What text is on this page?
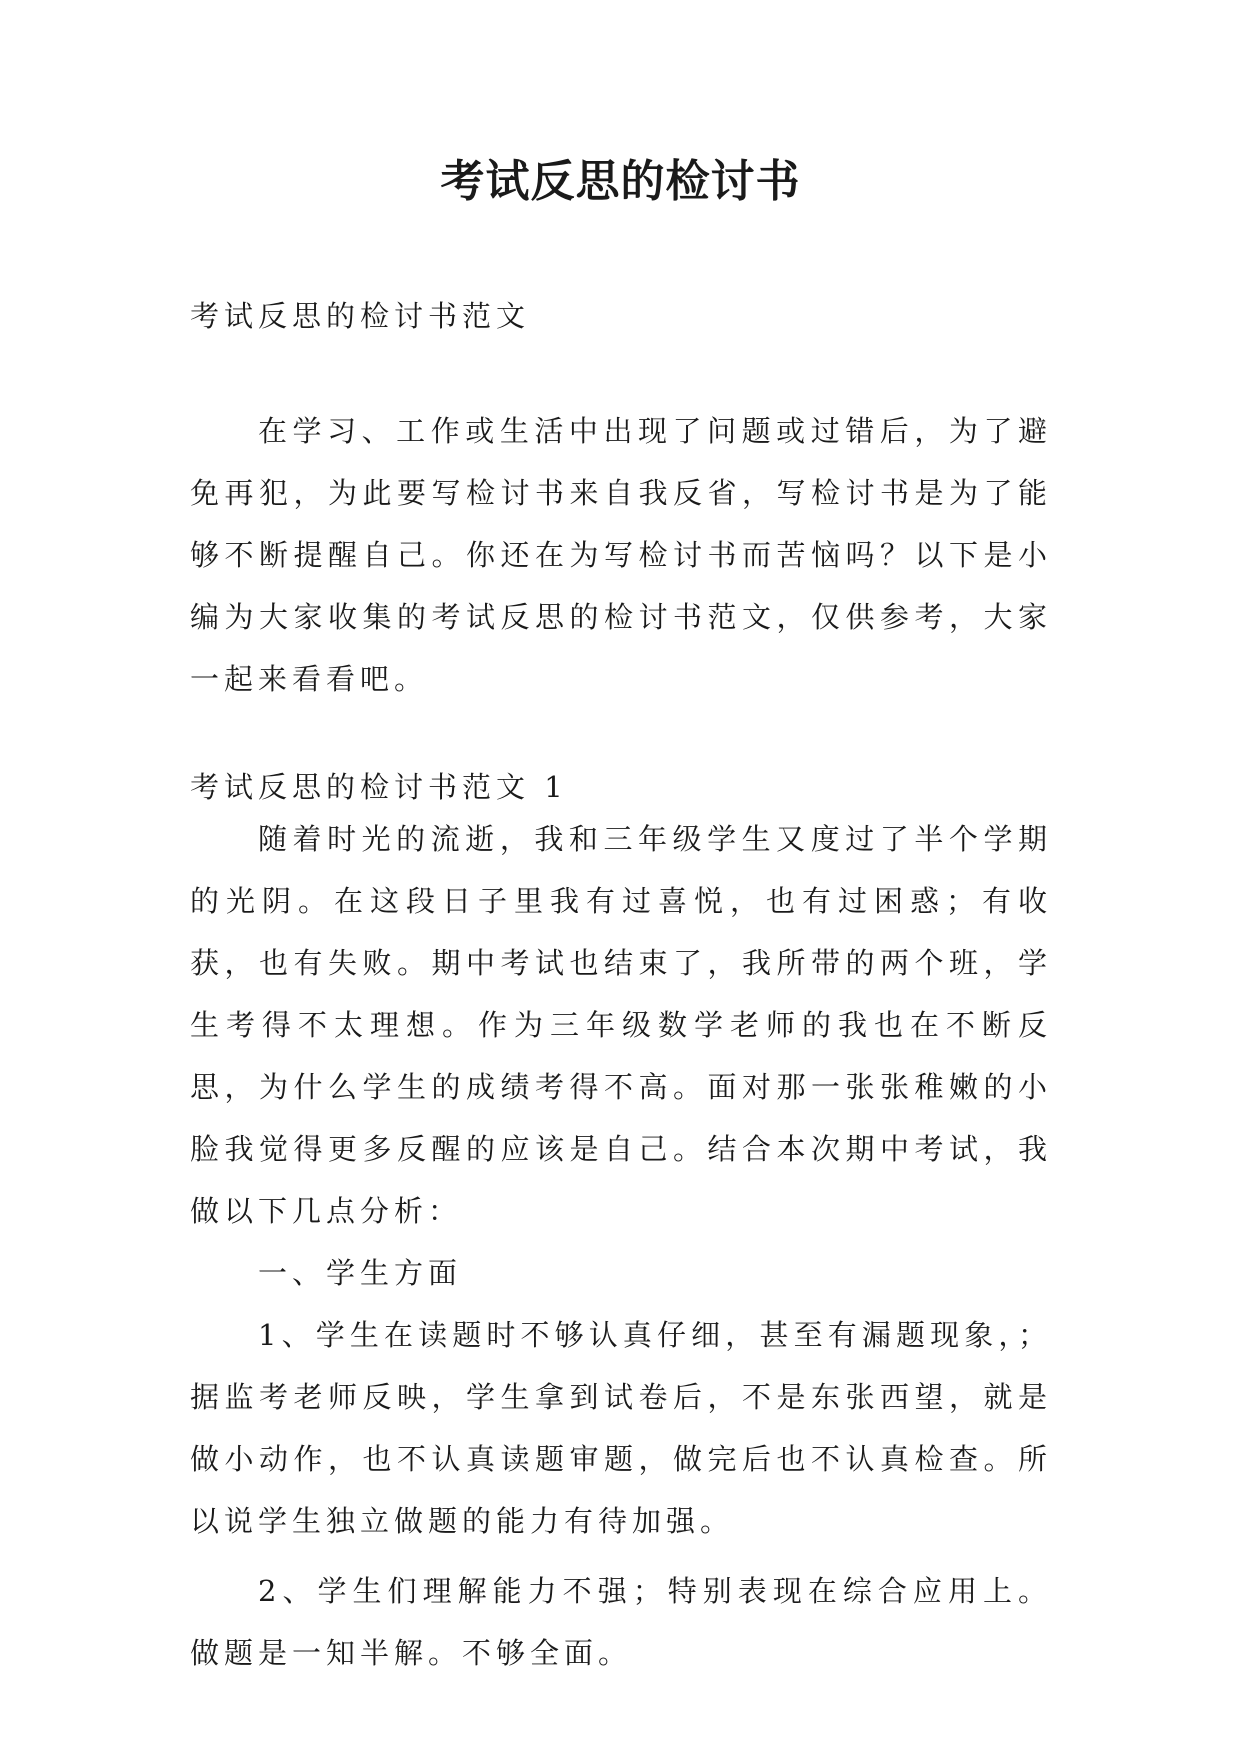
考试反思的检讨书
考试反思的检讨书范文
在学习、工作或生活中出现了问题或过错后，为了避免再犯，为此要写检讨书来自我反省，写检讨书是为了能够不断提醒自己。你还在为写检讨书而苦恼吗？以下是小编为大家收集的考试反思的检讨书范文，仅供参考，大家一起来看看吧。
考试反思的检讨书范文 1

随着时光的流逝，我和三年级学生又度过了半个学期的光阴。在这段日子里我有过喜悦，也有过困惑；有收获，也有失败。期中考试也结束了，我所带的两个班，学生考得不太理想。作为三年级数学老师的我也在不断反思，为什么学生的成绩考得不高。面对那一张张稚嫩的小脸我觉得更多反醒的应该是自己。结合本次期中考试，我做以下几点分析：

一、学生方面

1、学生在读题时不够认真仔细，甚至有漏题现象，；据监考老师反映，学生拿到试卷后，不是东张西望，就是做小动作，也不认真读题审题，做完后也不认真检查。所以说学生独立做题的能力有待加强。

2、学生们理解能力不强；特别表现在综合应用上。做题是一知半解。不够全面。
